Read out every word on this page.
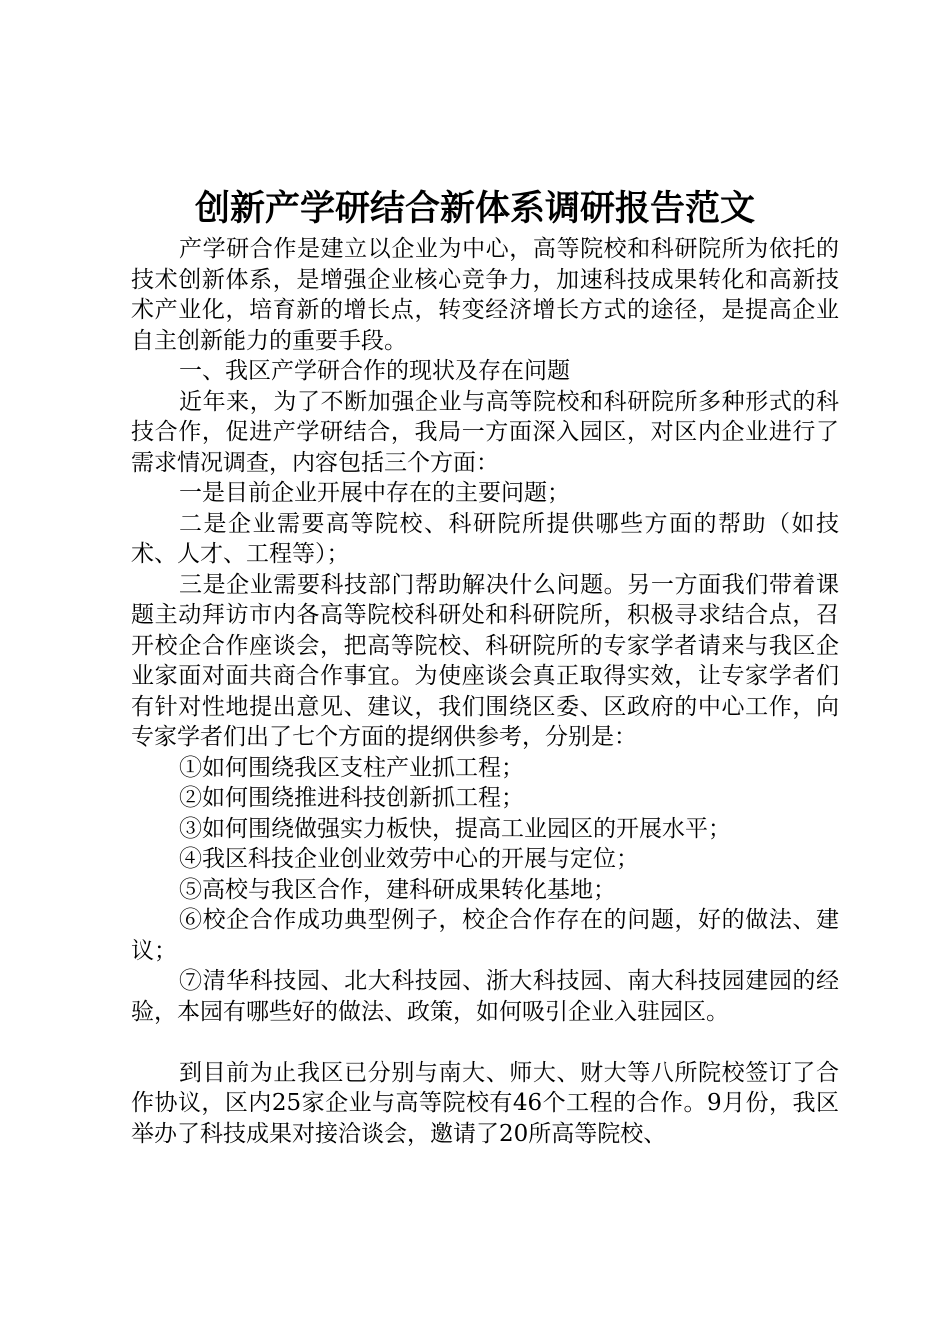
创新产学研结合新体系调研报告范文

产学研合作是建立以企业为中心，高等院校和科研院所为依托的技术创新体系，是增强企业核心竞争力，加速科技成果转化和高新技术产业化，培育新的增长点，转变经济增长方式的途径，是提高企业自主创新能力的重要手段。

一、我区产学研合作的现状及存在问题

近年来，为了不断加强企业与高等院校和科研院所多种形式的科技合作，促进产学研结合，我局一方面深入园区，对区内企业进行了需求情况调查，内容包括三个方面：

一是目前企业开展中存在的主要问题；

二是企业需要高等院校、科研院所提供哪些方面的帮助（如技术、人才、工程等）；

三是企业需要科技部门帮助解决什么问题。另一方面我们带着课题主动拜访市内各高等院校科研处和科研院所，积极寻求结合点，召开校企合作座谈会，把高等院校、科研院所的专家学者请来与我区企业家面对面共商合作事宜。为使座谈会真正取得实效，让专家学者们有针对性地提出意见、建议，我们围绕区委、区政府的中心工作，向专家学者们出了七个方面的提纲供参考，分别是：

①如何围绕我区支柱产业抓工程；

②如何围绕推进科技创新抓工程；

③如何围绕做强实力板快，提高工业园区的开展水平；

④我区科技企业创业效劳中心的开展与定位；

⑤高校与我区合作，建科研成果转化基地；

⑥校企合作成功典型例子，校企合作存在的问题，好的做法、建议；

⑦清华科技园、北大科技园、浙大科技园、南大科技园建园的经验，本园有哪些好的做法、政策，如何吸引企业入驻园区。

到目前为止我区已分别与南大、师大、财大等八所院校签订了合作协议，区内25家企业与高等院校有46个工程的合作。9月份，我区举办了科技成果对接洽谈会，邀请了20所高等院校、
